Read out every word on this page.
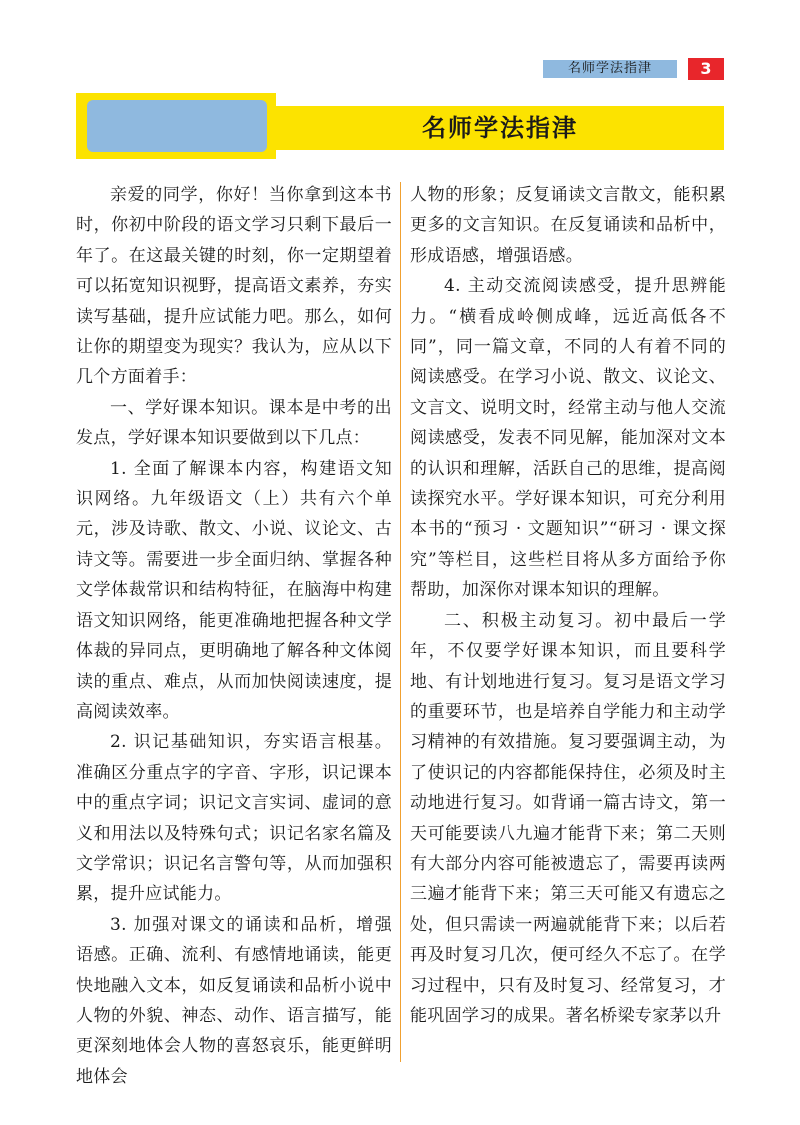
名师学法指津	3
名师学法指津

亲爱的同学，你好！当你拿到这本书时，你初中阶段的语文学习只剩下最后一年了。在这最关键的时刻，你一定期望着可以拓宽知识视野，提高语文素养，夯实读写基础，提升应试能力吧。那么，如何让你的期望变为现实？我认为，应从以下几个方面着手：

一、学好课本知识。课本是中考的出发点，学好课本知识要做到以下几点：

1. 全面了解课本内容，构建语文知识网络。九年级语文（上）共有六个单元，涉及诗歌、散文、小说、议论文、古诗文等。需要进一步全面归纳、掌握各种文学体裁常识和结构特征，在脑海中构建语文知识网络，能更准确地把握各种文学体裁的异同点，更明确地了解各种文体阅读的重点、难点，从而加快阅读速度，提高阅读效率。

2. 识记基础知识，夯实语言根基。准确区分重点字的字音、字形，识记课本中的重点字词；识记文言实词、虚词的意义和用法以及特殊句式；识记名家名篇及文学常识；识记名言警句等，从而加强积累，提升应试能力。

3. 加强对课文的诵读和品析，增强语感。正确、流利、有感情地诵读，能更快地融入文本，如反复诵读和品析小说中人物的外貌、神态、动作、语言描写，能更深刻地体会人物的喜怒哀乐，能更鲜明地体会

人物的形象；反复诵读文言散文，能积累更多的文言知识。在反复诵读和品析中，形成语感，增强语感。

4. 主动交流阅读感受，提升思辨能力。“横看成岭侧成峰，远近高低各不同”，同一篇文章，不同的人有着不同的阅读感受。在学习小说、散文、议论文、文言文、说明文时，经常主动与他人交流阅读感受，发表不同见解，能加深对文本的认识和理解，活跃自己的思维，提高阅读探究水平。学好课本知识，可充分利用本书的“预习 · 文题知识”“研习 · 课文探究”等栏目，这些栏目将从多方面给予你帮助，加深你对课本知识的理解。

二、积极主动复习。初中最后一学年，不仅要学好课本知识，而且要科学地、有计划地进行复习。复习是语文学习的重要环节，也是培养自学能力和主动学习精神的有效措施。复习要强调主动，为了使识记的内容都能保持住，必须及时主动地进行复习。如背诵一篇古诗文，第一天可能要读八九遍才能背下来；第二天则有大部分内容可能被遗忘了，需要再读两三遍才能背下来；第三天可能又有遗忘之处，但只需读一两遍就能背下来；以后若再及时复习几次，便可经久不忘了。在学习过程中，只有及时复习、经常复习，才能巩固学习的成果。著名桥梁专家茅以升
